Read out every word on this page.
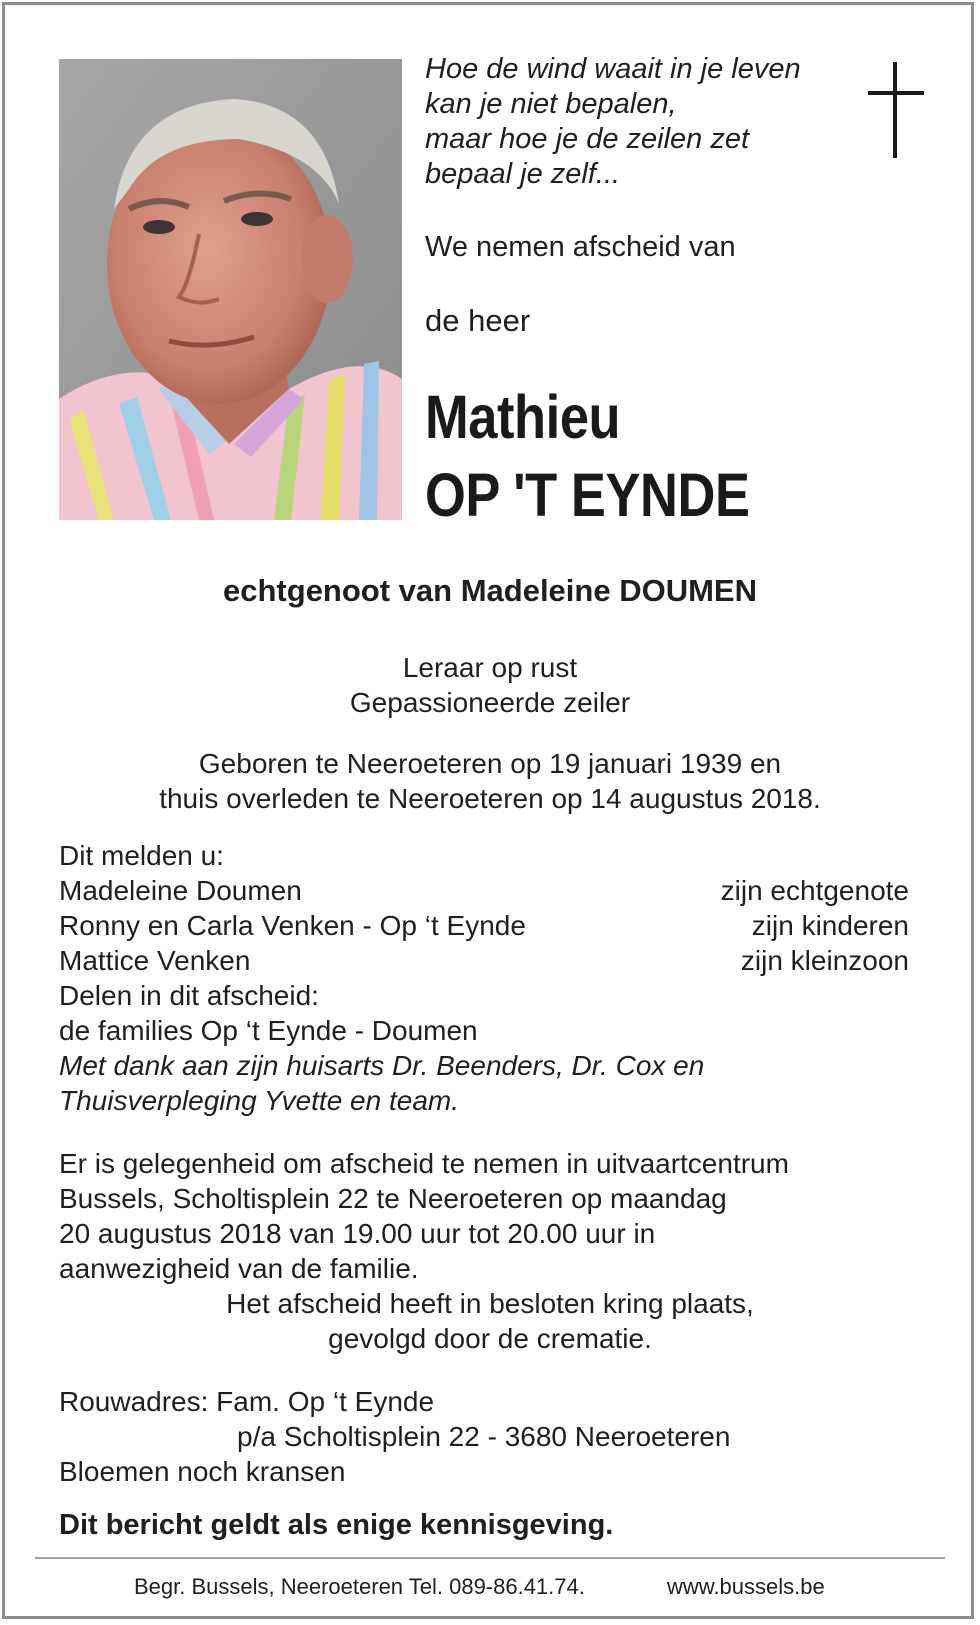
Hoe de wind waait in je leven
kan je niet bepalen,
maar hoe je de zeilen zet
bepaal je zelf...
We nemen afscheid van
de heer
Mathieu
OP 'T EYNDE
echtgenoot van Madeleine DOUMEN
Leraar op rust
Gepassioneerde zeiler
Geboren te Neeroeteren op 19 januari 1939 en
thuis overleden te Neeroeteren op 14 augustus 2018.
Dit melden u:
Madeleine Doumen	zijn echtgenote
Ronny en Carla Venken - Op ‘t Eynde	zijn kinderen
Mattice Venken	zijn kleinzoon
Delen in dit afscheid:
de families Op ‘t Eynde - Doumen
Met dank aan zijn huisarts Dr. Beenders, Dr. Cox en
Thuisverpleging Yvette en team.
Er is gelegenheid om afscheid te nemen in uitvaartcentrum
Bussels, Scholtisplein 22 te Neeroeteren op maandag
20 augustus 2018 van 19.00 uur tot 20.00 uur in
aanwezigheid van de familie.
Het afscheid heeft in besloten kring plaats,
gevolgd door de crematie.
Rouwadres: Fam. Op ‘t Eynde
p/a Scholtisplein 22 - 3680 Neeroeteren
Bloemen noch kransen
Dit bericht geldt als enige kennisgeving.
Begr. Bussels, Neeroeteren Tel. 089-86.41.74.	www.bussels.be
